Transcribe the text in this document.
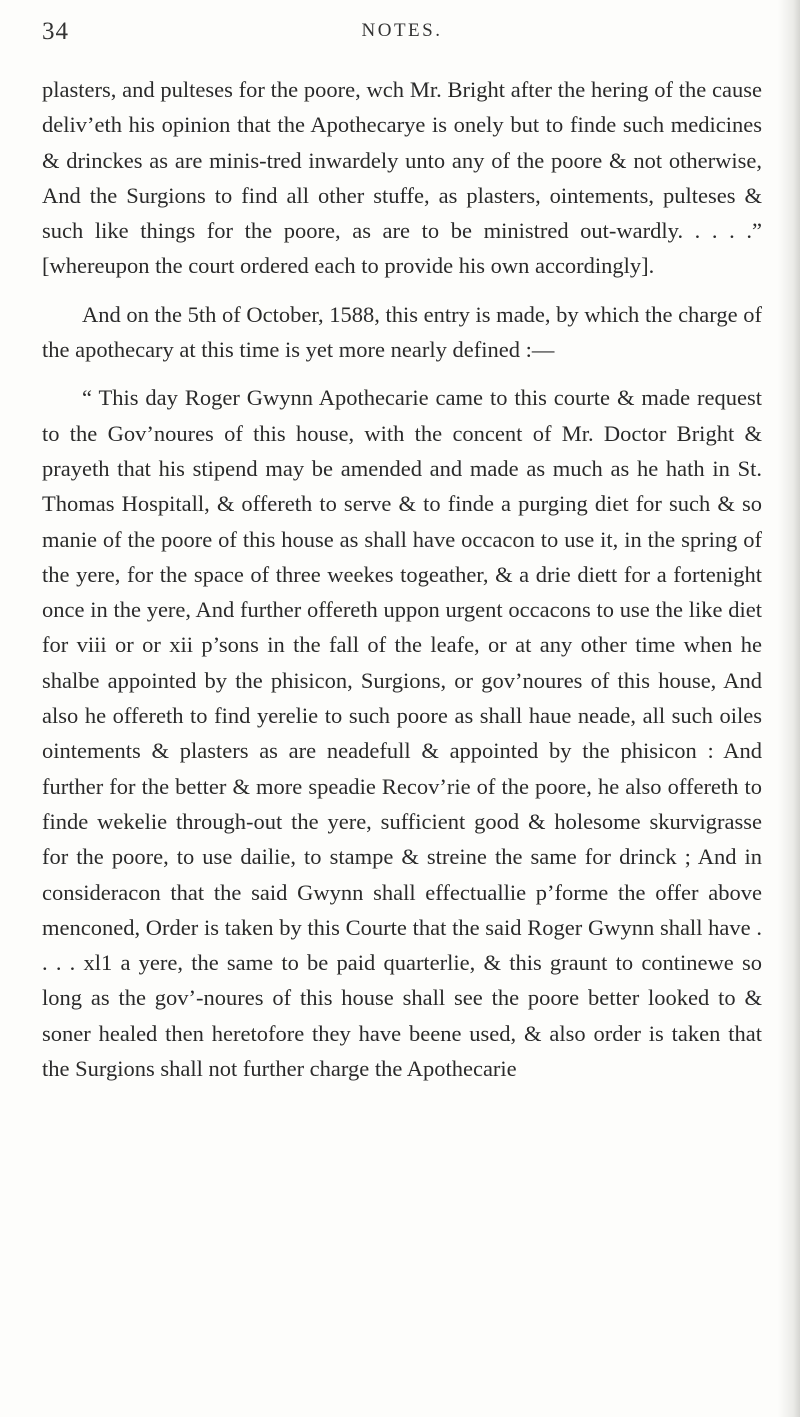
34	NOTES.

plasters, and pulteses for the poore, wch Mr. Bright after the hering of the cause deliv’eth his opinion that the Apothecarye is onely but to finde such medicines & drinckes as are minis-tred inwardely unto any of the poore & not otherwise, And the Surgions to find all other stuffe, as plasters, ointements, pulteses & such like things for the poore, as are to be ministred out-wardly. . . . .” [whereupon the court ordered each to provide his own accordingly].

And on the 5th of October, 1588, this entry is made, by which the charge of the apothecary at this time is yet more nearly defined :—

“ This day Roger Gwynn Apothecarie came to this courte & made request to the Gov’noures of this house, with the concent of Mr. Doctor Bright & prayeth that his stipend may be amended and made as much as he hath in St. Thomas Hospitall, & offereth to serve & to finde a purging diet for such & so manie of the poore of this house as shall have occacon to use it, in the spring of the yere, for the space of three weekes togeather, & a drie diett for a fortenight once in the yere, And further offereth uppon urgent occacons to use the like diet for viii or or xii p’sons in the fall of the leafe, or at any other time when he shalbe appointed by the phisicon, Surgions, or gov’noures of this house, And also he offereth to find yerelie to such poore as shall haue neade, all such oiles ointements & plasters as are neadefull & appointed by the phisicon : And further for the better & more speadie Recov’rie of the poore, he also offereth to finde wekelie through-out the yere, sufficient good & holesome skurvigrasse for the poore, to use dailie, to stampe & streine the same for drinck ; And in consideracon that the said Gwynn shall effectuallie p’forme the offer above menconed, Order is taken by this Courte that the said Roger Gwynn shall have . . . . xl1 a yere, the same to be paid quarterlie, & this graunt to continewe so long as the gov’-noures of this house shall see the poore better looked to & soner healed then heretofore they have beene used, & also order is taken that the Surgions shall not further charge the Apothecarie
